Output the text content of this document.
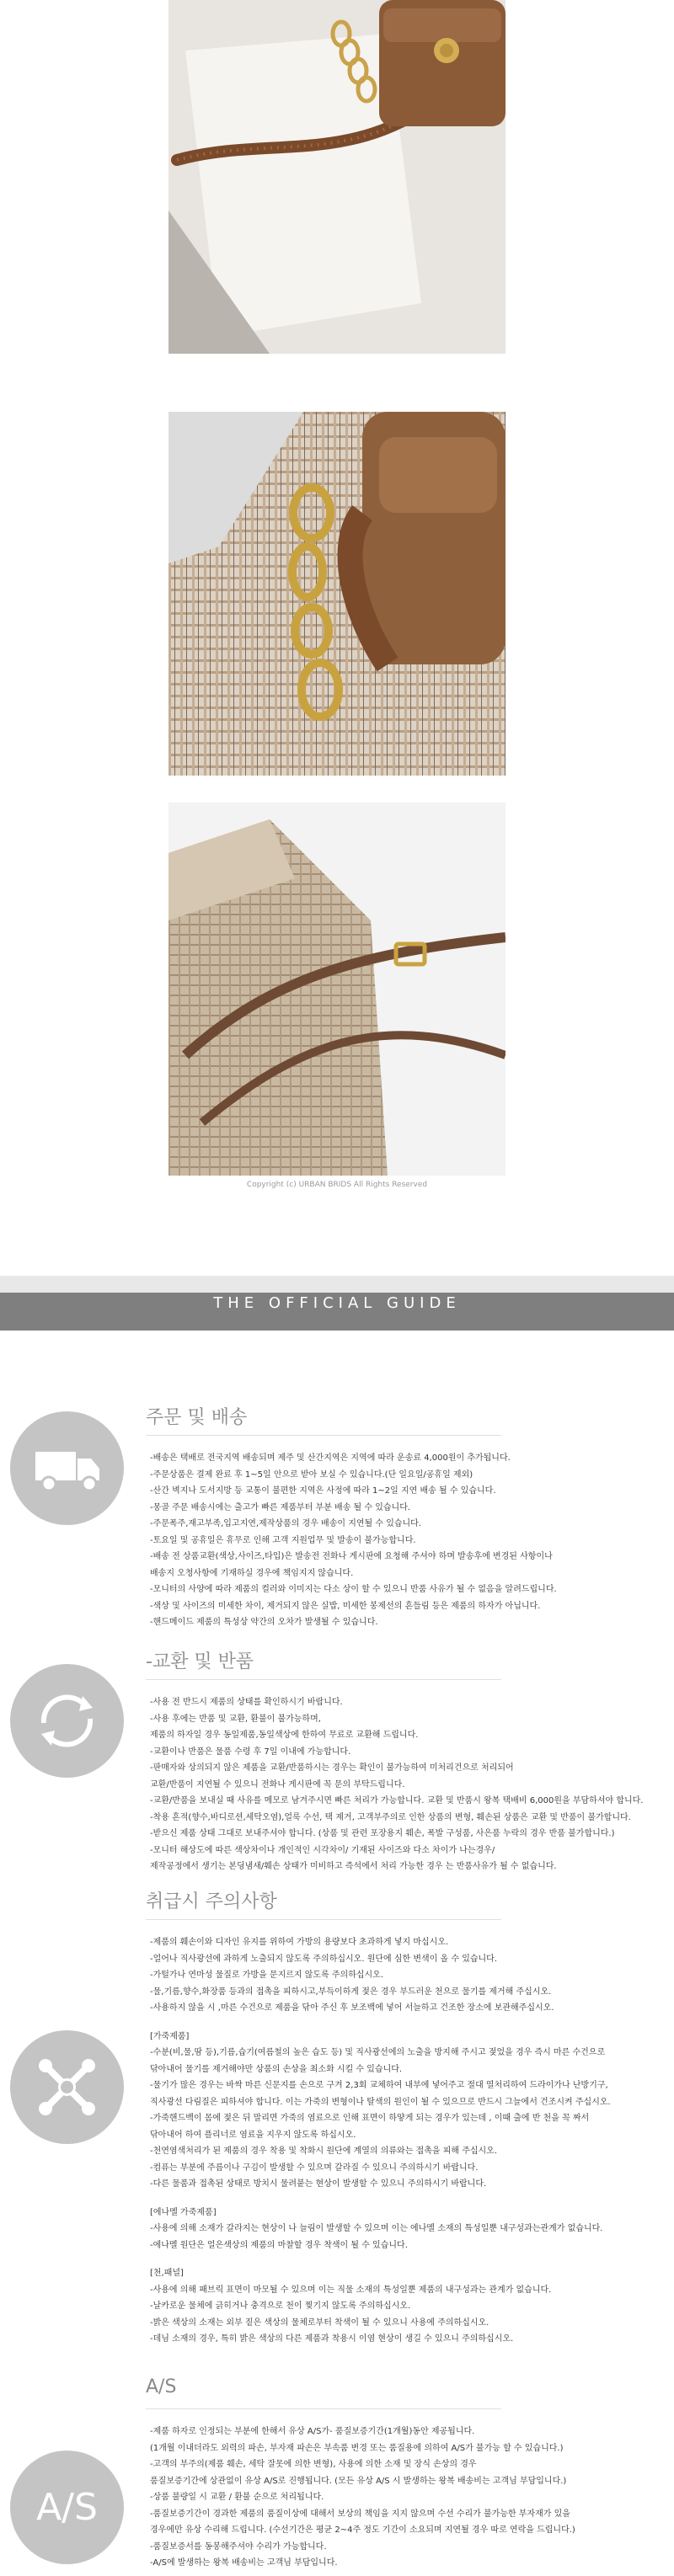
Copyright (c) URBAN BRIDS All Rights Reserved
THE OFFICIAL GUIDE
주문 및 배송
-배송은 택배로 전국지역 배송되며 제주 및 산간지역은 지역에 따라 운송료 4,000원이 추가됩니다.
-주문상품은 결제 완료 후 1~5일 안으로 받아 보실 수 있습니다.(단 일요일/공휴일 제외)
-산간 벽지나 도서지방 등 교통이 불편한 지역은 사정에 따라 1~2일 지연 배송 될 수 있습니다.
-몽골 주문 배송시에는 출고가 빠른 제품부터 부분 배송 될 수 있습니다.
-주문폭주,재고부족,입고지연,제작상품의 경우 배송이 지연될 수 있습니다.
-토요일 및 공휴일은 휴무로 인해 고객 지원업무 및 발송이 불가능합니다.
-배송 전 상품교환(색상,사이즈,타입)은 발송전 전화나 게시판에 요청해 주셔야 하며 발송후에 변경된 사항이나
배송지 오청사항에 기재하실 경우에 책임지지 않습니다.
-모니터의 사양에 따라 제품의 컬러와 이미지는 다소 상이 할 수 있으니 반품 사유가 될 수 없음을 알려드립니다.
-색상 및 사이즈의 미세한 차이, 제거되지 않은 실밥, 미세한 봉제선의 흔들림 등은 제품의 하자가 아닙니다.
-핸드메이드 제품의 특성상 약간의 오차가 발생될 수 있습니다.
-교환 및 반품
-사용 전 반드시 제품의 상태를 확인하시기 바랍니다.
-사용 후에는 반품 및 교환, 환불이 불가능하며,
제품의 하자일 경우 동일제품,동일색상에 한하여 무료로 교환해 드립니다.
-교환이나 반품은 물품 수령 후 7일 이내에 가능합니다.
-판매자와 상의되지 않은 제품을 교환/반품하시는 경우는 확인이 불가능하여 미처리건으로 처리되어
교환/반품이 지연될 수 있으니 전화나 게시판에 꼭 문의 부탁드립니다.
-교환/반품을 보내실 때 사유를 메모로 남겨주시면 빠른 처리가 가능합니다. 교환 및 반품시 왕복 택배비 6,000원을 부담하셔야 합니다.
-착용 흔적(향수,바디로션,세탁오염),얼룩 수선, 택 제거, 고객부주의로 인한 상품의 변형, 훼손된 상품은 교환 및 반품이 불가합니다.
-받으신 제품 상태 그대로 보내주셔야 합니다. (상품 및 관련 포장용지 훼손, 폭발 구성품, 사은품 누락의 경우 반품 불가합니다.)
-모니터 해상도에 따른 색상차이나 개인적인 시각차이/ 기재된 사이즈와 다소 차이가 나는경우/
제작공정에서 생기는 본딩냄새/훼손 상태가 미비하고 즉석에서 처리 가능한 경우 는 반품사유가 될 수 없습니다.
취급시 주의사항
-제품의 훼손이와 디자인 유지를 위하여 가방의 용량보다 초과하게 넣지 마십시오.
-얼어나 직사광선에 과하게 노출되지 않도록 주의하십시오. 원단에 심한 변색이 올 수 있습니다.
-가털가나 연마성 물질로 가방을 문지르지 않도록 주의하십시오.
-물,기름,향수,화장품 등과의 접촉을 피하시고,부득이하게 젖은 경우 부드러운 천으로 물기를 제거해 주십시오.
-사용하지 않을 시 ,마른 수건으로 제품을 닦아 주신 후 보조백에 넣어 서늘하고 건조한 장소에 보관해주십시오.
[가죽제품]
-수분(비,물,땀 등),기름,습기(여름철의 높은 습도 등) 및 직사광선에의 노출을 방지해 주시고 젖었을 경우 즉시 마른 수건으로
닦아내어 물기를 제거해야만 상품의 손상을 최소화 시킬 수 있습니다.
-물기가 많은 경우는 바싹 마른 신문지를 손으로 구겨 2,3회 교체하여 내부에 넣어주고 절대 열처리하여 드라이가나 난방기구,
직사광선 다림질은 피하셔야 합니다. 이는 가죽의 변형이나 탈색의 원인이 될 수 있으므로 반드시 그늘에서 건조시켜 주십시오.
-가죽핸드백이 몸에 젖은 뒤 말리면 가죽의 염료으로 인해 표면이 하얗게 되는 경우가 있는데 , 이때 출에 반 천을 꼭 짜서
닦아내어 하여 플리너로 염료을 지우지 않도록 하십시오.
-천연염색처리가 된 제품의 경우 착용 및 착화시 원단에 계열의 의류와는 접촉을 피해 주십시오.
-컴퓨는 부분에 주름이나 구김이 발생할 수 있으며 갈라질 수 있으니 주의하시기 바랍니다.
-다른 물품과 접촉된 상태로 방치시 물려붙는 현상이 발생할 수 있으니 주의하시기 바랍니다.
[에나멜 가죽제품]
-사용에 의해 소재가 갈라지는 현상이 나 늘림이 발생할 수 있으며 이는 에나멜 소재의 특성일뿐 내구성과는관계가 없습니다.
-에나멜 원단은 얼은색상의 제품의 마찰할 경우 착색이 될 수 있습니다.
[천,패널]
-사용에 의해 패브릭 표면이 마모될 수 있으며 이는 직물 소재의 특성일뿐 제품의 내구성과는 관계가 없습니다.
-날카로운 물체에 긁히거나 충격으로 천이 찢기지 않도록 주의하십시오.
-밝은 색상의 소재는 외부 짙은 색상의 물체로부터 착색이 될 수 있으니 사용에 주의하십시오.
-데님 소재의 경우, 특히 밝은 색상의 다른 제품과 착용시 이염 현상이 생길 수 있으니 주의하십시오.
A/S
A/S
-제품 하자로 인정되는 부분에 한해서 유상 A/S가- 품질보증기간(1개월)동안 제공됩니다.
(1개월 이내더라도 외력의 파손, 부자재 파손은 부속품 변경 또는 품질용에 의하여 A/S가 불가능 할 수 있습니다.)
-고객의 부주의(제품 훼손, 세탁 잘못에 의한 변형), 사용에 의한 소재 및 장식 손상의 경우
품질보증기간에 상관없이 유상 A/S로 진행됩니다. (모든 유상 A/S 시 발생하는 왕복 배송비는 고객님 부담입니다.)
-상품 불량일 시 교환 / 환불 순으로 처리됩니다.
-품질보증기간이 경과한 제품의 품질이상에 대해서 보상의 책임을 지지 않으며 수선 수리가 불가능한 부자재가 있을
경우에만 유상 수리해 드립니다. (수선기간은 평균 2~4주 정도 기간이 소요되며 지연될 경우 따로 연락을 드립니다.)
-품질보증서를 동봉해주셔야 수리가 가능합니다.
-A/S에 발생하는 왕복 배송비는 고객님 부담입니다.
